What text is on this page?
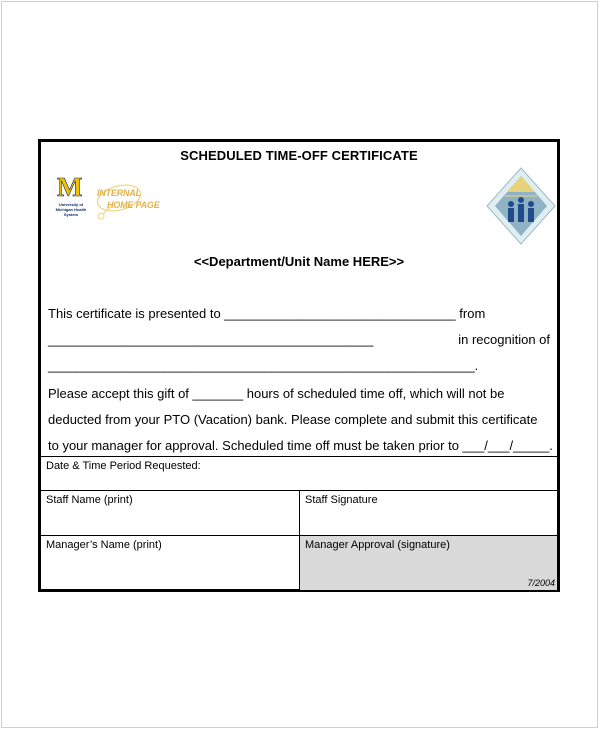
SCHEDULED TIME-OFF CERTIFICATE
M
University of Michigan Health System
INTERNAL
HOME PAGE
<<Department/Unit Name HERE>>
This certificate is presented to ________________________________ from
_____________________________________________	in recognition of
___________________________________________________________.
Please accept this gift of _______ hours of scheduled time off, which will not be
deducted from your PTO (Vacation) bank. Please complete and submit this certificate
to your manager for approval. Scheduled time off must be taken prior to ___/___/_____.
Date & Time Period Requested:
Staff Name (print)	Staff Signature
Manager’s Name (print)	Manager Approval (signature)
7/2004
